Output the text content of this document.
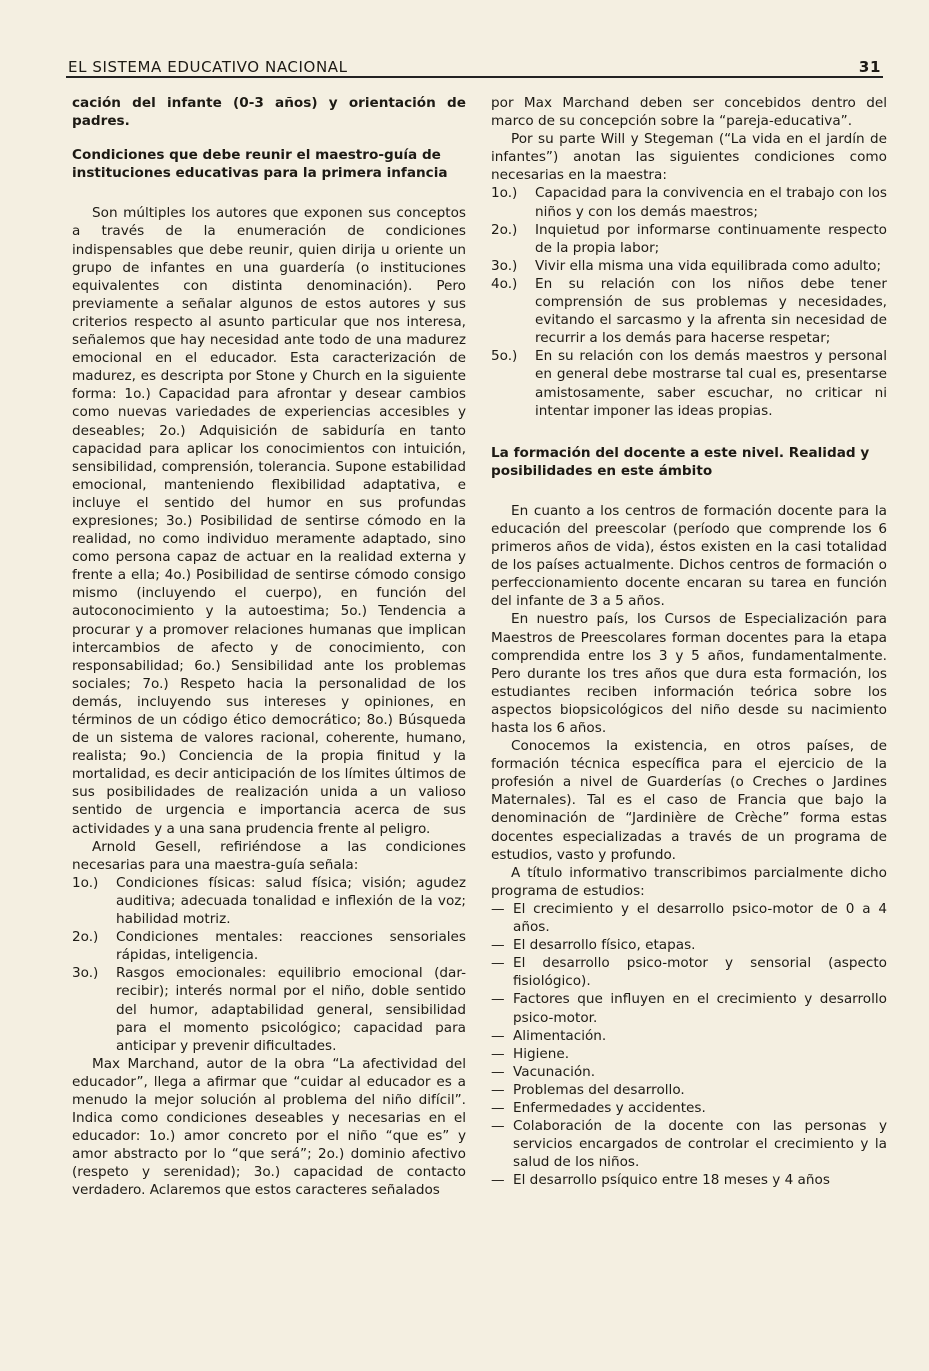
EL SISTEMA EDUCATIVO NACIONAL	31

cación del infante (0-3 años) y orientación de padres.

Condiciones que debe reunir el maestro-guía de instituciones educativas para la primera infancia

Son múltiples los autores que exponen sus conceptos a través de la enumeración de condiciones indispensables que debe reunir, quien dirija u oriente un grupo de infantes en una guardería (o instituciones equivalentes con distinta denominación). Pero previamente a señalar algunos de estos autores y sus criterios respecto al asunto particular que nos interesa, señalemos que hay necesidad ante todo de una madurez emocional en el educador. Esta caracterización de madurez, es descripta por Stone y Church en la siguiente forma: 1o.) Capacidad para afrontar y desear cambios como nuevas variedades de experiencias accesibles y deseables; 2o.) Adquisición de sabiduría en tanto capacidad para aplicar los conocimientos con intuición, sensibilidad, comprensión, tolerancia. Supone estabilidad emocional, manteniendo flexibilidad adaptativa, e incluye el sentido del humor en sus profundas expresiones; 3o.) Posibilidad de sentirse cómodo en la realidad, no como individuo meramente adaptado, sino como persona capaz de actuar en la realidad externa y frente a ella; 4o.) Posibilidad de sentirse cómodo consigo mismo (incluyendo el cuerpo), en función del autoconocimiento y la autoestima; 5o.) Tendencia a procurar y a promover relaciones humanas que implican intercambios de afecto y de conocimiento, con responsabilidad; 6o.) Sensibilidad ante los problemas sociales; 7o.) Respeto hacia la personalidad de los demás, incluyendo sus intereses y opiniones, en términos de un código ético democrático; 8o.) Búsqueda de un sistema de valores racional, coherente, humano, realista; 9o.) Conciencia de la propia finitud y la mortalidad, es decir anticipación de los límites últimos de sus posibilidades de realización unida a un valioso sentido de urgencia e importancia acerca de sus actividades y a una sana prudencia frente al peligro.

Arnold Gesell, refiriéndose a las condiciones necesarias para una maestra-guía señala:

1o.)	Condiciones físicas: salud física; visión; agudez auditiva; adecuada tonalidad e inflexión de la voz; habilidad motriz.
2o.)	Condiciones mentales: reacciones sensoriales rápidas, inteligencia.
3o.)	Rasgos emocionales: equilibrio emocional (dar-recibir); interés normal por el niño, doble sentido del humor, adaptabilidad general, sensibilidad para el momento psicológico; capacidad para anticipar y prevenir dificultades.

Max Marchand, autor de la obra “La afectividad del educador”, llega a afirmar que “cuidar al educador es a menudo la mejor solución al problema del niño difícil”. Indica como condiciones deseables y necesarias en el educador: 1o.) amor concreto por el niño “que es” y amor abstracto por lo “que será”; 2o.) dominio afectivo (respeto y serenidad); 3o.) capacidad de contacto verdadero. Aclaremos que estos caracteres señalados

por Max Marchand deben ser concebidos dentro del marco de su concepción sobre la “pareja-educativa”.

Por su parte Will y Stegeman (“La vida en el jardín de infantes”) anotan las siguientes condiciones como necesarias en la maestra:

1o.)	Capacidad para la convivencia en el trabajo con los niños y con los demás maestros;
2o.)	Inquietud por informarse continuamente respecto de la propia labor;
3o.)	Vivir ella misma una vida equilibrada como adulto;
4o.)	En su relación con los niños debe tener comprensión de sus problemas y necesidades, evitando el sarcasmo y la afrenta sin necesidad de recurrir a los demás para hacerse respetar;
5o.)	En su relación con los demás maestros y personal en general debe mostrarse tal cual es, presentarse amistosamente, saber escuchar, no criticar ni intentar imponer las ideas propias.

La formación del docente a este nivel. Realidad y posibilidades en este ámbito

En cuanto a los centros de formación docente para la educación del preescolar (período que comprende los 6 primeros años de vida), éstos existen en la casi totalidad de los países actualmente. Dichos centros de formación o perfeccionamiento docente encaran su tarea en función del infante de 3 a 5 años.

En nuestro país, los Cursos de Especialización para Maestros de Preescolares forman docentes para la etapa comprendida entre los 3 y 5 años, fundamentalmente. Pero durante los tres años que dura esta formación, los estudiantes reciben información teórica sobre los aspectos biopsicológicos del niño desde su nacimiento hasta los 6 años.

Conocemos la existencia, en otros países, de formación técnica específica para el ejercicio de la profesión a nivel de Guarderías (o Creches o Jardines Maternales). Tal es el caso de Francia que bajo la denominación de “Jardinière de Crèche” forma estas docentes especializadas a través de un programa de estudios, vasto y profundo.

A título informativo transcribimos parcialmente dicho programa de estudios:

— El crecimiento y el desarrollo psico-motor de 0 a 4 años.
— El desarrollo físico, etapas.
— El desarrollo psico-motor y sensorial (aspecto fisiológico).
— Factores que influyen en el crecimiento y desarrollo psico-motor.
— Alimentación.
— Higiene.
— Vacunación.
— Problemas del desarrollo.
— Enfermedades y accidentes.
— Colaboración de la docente con las personas y servicios encargados de controlar el crecimiento y la salud de los niños.
— El desarrollo psíquico entre 18 meses y 4 años
